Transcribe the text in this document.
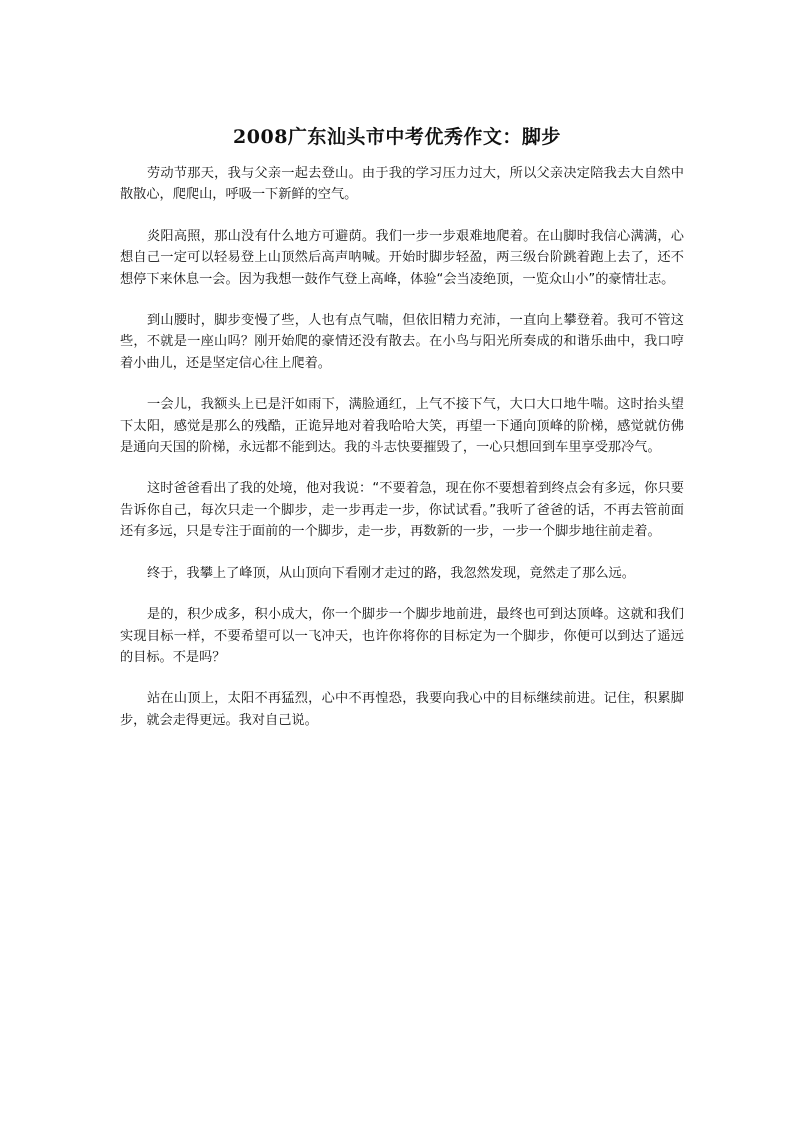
2008广东汕头市中考优秀作文：脚步

劳动节那天，我与父亲一起去登山。由于我的学习压力过大，所以父亲决定陪我去大自然中散散心，爬爬山，呼吸一下新鲜的空气。

炎阳高照，那山没有什么地方可避荫。我们一步一步艰难地爬着。在山脚时我信心满满，心想自己一定可以轻易登上山顶然后高声呐喊。开始时脚步轻盈，两三级台阶跳着跑上去了，还不想停下来休息一会。因为我想一鼓作气登上高峰，体验“会当凌绝顶，一览众山小”的豪情壮志。

到山腰时，脚步变慢了些，人也有点气喘，但依旧精力充沛，一直向上攀登着。我可不管这些，不就是一座山吗？刚开始爬的豪情还没有散去。在小鸟与阳光所奏成的和谐乐曲中，我口哼着小曲儿，还是坚定信心往上爬着。

一会儿，我额头上已是汗如雨下，满脸通红，上气不接下气，大口大口地牛喘。这时抬头望下太阳，感觉是那么的残酷，正诡异地对着我哈哈大笑，再望一下通向顶峰的阶梯，感觉就仿佛是通向天国的阶梯，永远都不能到达。我的斗志快要摧毁了，一心只想回到车里享受那冷气。

这时爸爸看出了我的处境，他对我说：“不要着急，现在你不要想着到终点会有多远，你只要告诉你自己，每次只走一个脚步，走一步再走一步，你试试看。”我听了爸爸的话，不再去管前面还有多远，只是专注于面前的一个脚步，走一步，再数新的一步，一步一个脚步地往前走着。

终于，我攀上了峰顶，从山顶向下看刚才走过的路，我忽然发现，竟然走了那么远。

是的，积少成多，积小成大，你一个脚步一个脚步地前进，最终也可到达顶峰。这就和我们实现目标一样，不要希望可以一飞冲天，也许你将你的目标定为一个脚步，你便可以到达了遥远的目标。不是吗？

站在山顶上，太阳不再猛烈，心中不再惶恐，我要向我心中的目标继续前进。记住，积累脚步，就会走得更远。我对自己说。
